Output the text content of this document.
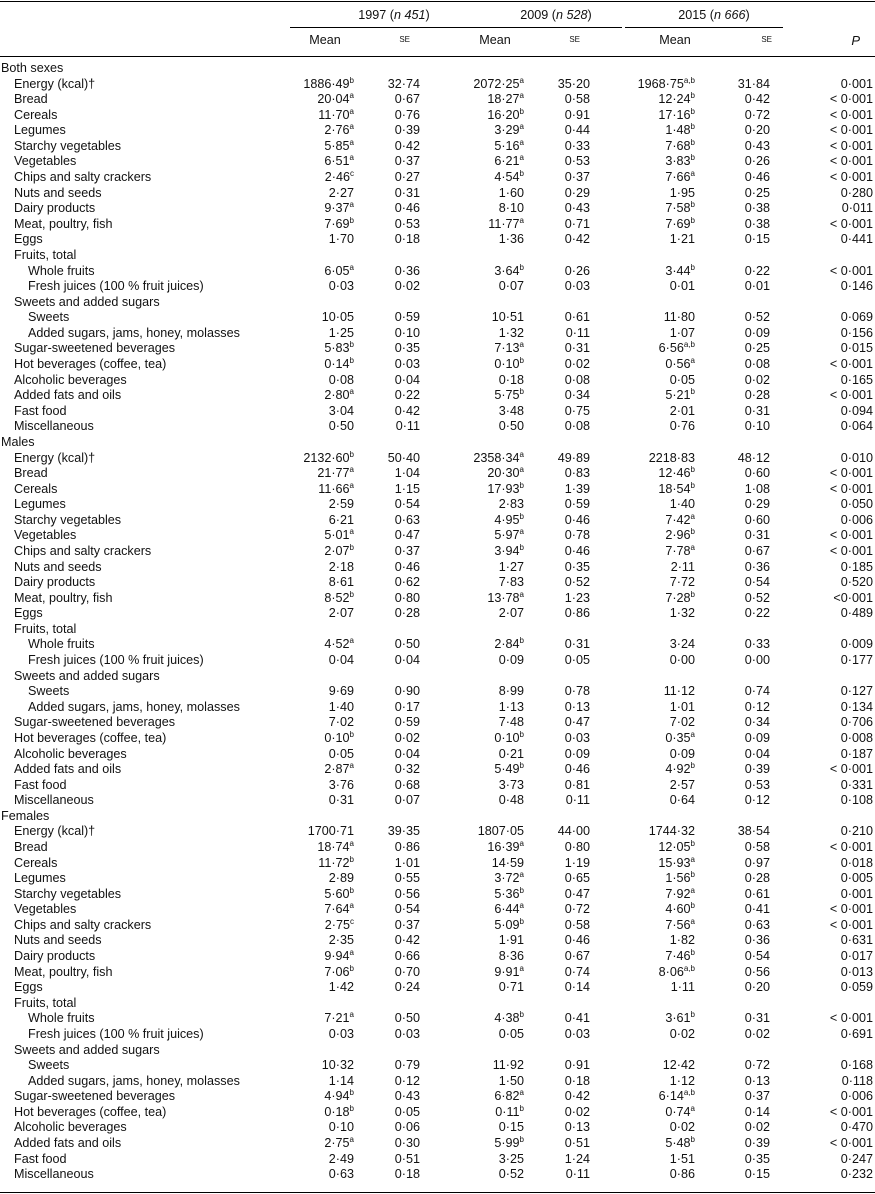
1997 (n 451)	2009 (n 528)	2015 (n 666)
Mean	se	Mean	se	Mean	se	P
Both sexes
Energy (kcal)†	$1886\cdot 49^b$	32·74	$2072\cdot 25^a$	35·20	$1968\cdot 75^{a,b}$	31·84	0·001
Bread	$20\cdot 04^a$	0·67	$18\cdot 27^a$	0·58	$12\cdot 24^b$	0·42	< 0·001
Cereals	$11\cdot 70^a$	0·76	$16\cdot 20^b$	0·91	$17\cdot 16^b$	0·72	< 0·001
Legumes	$2\cdot 76^a$	0·39	$3\cdot 29^a$	0·44	$1\cdot 48^b$	0·20	< 0·001
Starchy vegetables	$5\cdot 85^a$	0·42	$5\cdot 16^a$	0·33	$7\cdot 68^b$	0·43	< 0·001
Vegetables	$6\cdot 51^a$	0·37	$6\cdot 21^a$	0·53	$3\cdot 83^b$	0·26	< 0·001
Chips and salty crackers	$2\cdot 46^c$	0·27	$4\cdot 54^b$	0·37	$7\cdot 66^a$	0·46	< 0·001
Nuts and seeds	2·27	0·31	1·60	0·29	1·95	0·25	0·280
Dairy products	$9\cdot 37^a$	0·46	8·10	0·43	$7\cdot 58^b$	0·38	0·011
Meat, poultry, fish	$7\cdot 69^b$	0·53	$11\cdot 77^a$	0·71	$7\cdot 69^b$	0·38	< 0·001
Eggs	1·70	0·18	1·36	0·42	1·21	0·15	0·441
Fruits, total
Whole fruits	$6\cdot 05^a$	0·36	$3\cdot 64^b$	0·26	$3\cdot 44^b$	0·22	< 0·001
Fresh juices (100 % fruit juices)	0·03	0·02	0·07	0·03	0·01	0·01	0·146
Sweets and added sugars
Sweets	10·05	0·59	10·51	0·61	11·80	0·52	0·069
Added sugars, jams, honey, molasses	1·25	0·10	1·32	0·11	1·07	0·09	0·156
Sugar-sweetened beverages	$5\cdot 83^b$	0·35	$7\cdot 13^a$	0·31	$6\cdot 56^{a,b}$	0·25	0·015
Hot beverages (coffee, tea)	$0\cdot 14^b$	0·03	$0\cdot 10^b$	0·02	$0\cdot 56^a$	0·08	< 0·001
Alcoholic beverages	0·08	0·04	0·18	0·08	0·05	0·02	0·165
Added fats and oils	$2\cdot 80^a$	0·22	$5\cdot 75^b$	0·34	$5\cdot 21^b$	0·28	< 0·001
Fast food	3·04	0·42	3·48	0·75	2·01	0·31	0·094
Miscellaneous	0·50	0·11	0·50	0·08	0·76	0·10	0·064
Males
Energy (kcal)†	$2132\cdot 60^b$	50·40	$2358\cdot 34^a$	49·89	2218·83	48·12	0·010
Bread	$21\cdot 77^a$	1·04	$20\cdot 30^a$	0·83	$12\cdot 46^b$	0·60	< 0·001
Cereals	$11\cdot 66^a$	1·15	$17\cdot 93^b$	1·39	$18\cdot 54^b$	1·08	< 0·001
Legumes	2·59	0·54	2·83	0·59	1·40	0·29	0·050
Starchy vegetables	6·21	0·63	$4\cdot 95^b$	0·46	$7\cdot 42^a$	0·60	0·006
Vegetables	$5\cdot 01^a$	0·47	$5\cdot 97^a$	0·78	$2\cdot 96^b$	0·31	< 0·001
Chips and salty crackers	$2\cdot 07^b$	0·37	$3\cdot 94^b$	0·46	$7\cdot 78^a$	0·67	< 0·001
Nuts and seeds	2·18	0·46	1·27	0·35	2·11	0·36	0·185
Dairy products	8·61	0·62	7·83	0·52	7·72	0·54	0·520
Meat, poultry, fish	$8\cdot 52^b$	0·80	$13\cdot 78^a$	1·23	$7\cdot 28^b$	0·52	<0·001
Eggs	2·07	0·28	2·07	0·86	1·32	0·22	0·489
Fruits, total
Whole fruits	$4\cdot 52^a$	0·50	$2\cdot 84^b$	0·31	3·24	0·33	0·009
Fresh juices (100 % fruit juices)	0·04	0·04	0·09	0·05	0·00	0·00	0·177
Sweets and added sugars
Sweets	9·69	0·90	8·99	0·78	11·12	0·74	0·127
Added sugars, jams, honey, molasses	1·40	0·17	1·13	0·13	1·01	0·12	0·134
Sugar-sweetened beverages	7·02	0·59	7·48	0·47	7·02	0·34	0·706
Hot beverages (coffee, tea)	$0\cdot 10^b$	0·02	$0\cdot 10^b$	0·03	$0\cdot 35^a$	0·09	0·008
Alcoholic beverages	0·05	0·04	0·21	0·09	0·09	0·04	0·187
Added fats and oils	$2\cdot 87^a$	0·32	$5\cdot 49^b$	0·46	$4\cdot 92^b$	0·39	< 0·001
Fast food	3·76	0·68	3·73	0·81	2·57	0·53	0·331
Miscellaneous	0·31	0·07	0·48	0·11	0·64	0·12	0·108
Females
Energy (kcal)†	1700·71	39·35	1807·05	44·00	1744·32	38·54	0·210
Bread	$18\cdot 74^a$	0·86	$16\cdot 39^a$	0·80	$12\cdot 05^b$	0·58	< 0·001
Cereals	$11\cdot 72^b$	1·01	14·59	1·19	$15\cdot 93^a$	0·97	0·018
Legumes	2·89	0·55	$3\cdot 72^a$	0·65	$1\cdot 56^b$	0·28	0·005
Starchy vegetables	$5\cdot 60^b$	0·56	$5\cdot 36^b$	0·47	$7\cdot 92^a$	0·61	0·001
Vegetables	$7\cdot 64^a$	0·54	$6\cdot 44^a$	0·72	$4\cdot 60^b$	0·41	< 0·001
Chips and salty crackers	$2\cdot 75^c$	0·37	$5\cdot 09^b$	0·58	$7\cdot 56^a$	0·63	< 0·001
Nuts and seeds	2·35	0·42	1·91	0·46	1·82	0·36	0·631
Dairy products	$9\cdot 94^a$	0·66	8·36	0·67	$7\cdot 46^b$	0·54	0·017
Meat, poultry, fish	$7\cdot 06^b$	0·70	$9\cdot 91^a$	0·74	$8\cdot 06^{a,b}$	0·56	0·013
Eggs	1·42	0·24	0·71	0·14	1·11	0·20	0·059
Fruits, total
Whole fruits	$7\cdot 21^a$	0·50	$4\cdot 38^b$	0·41	$3\cdot 61^b$	0·31	< 0·001
Fresh juices (100 % fruit juices)	0·03	0·03	0·05	0·03	0·02	0·02	0·691
Sweets and added sugars
Sweets	10·32	0·79	11·92	0·91	12·42	0·72	0·168
Added sugars, jams, honey, molasses	1·14	0·12	1·50	0·18	1·12	0·13	0·118
Sugar-sweetened beverages	$4\cdot 94^b$	0·43	$6\cdot 82^a$	0·42	$6\cdot 14^{a,b}$	0·37	0·006
Hot beverages (coffee, tea)	$0\cdot 18^b$	0·05	$0\cdot 11^b$	0·02	$0\cdot 74^a$	0·14	< 0·001
Alcoholic beverages	0·10	0·06	0·15	0·13	0·02	0·02	0·470
Added fats and oils	$2\cdot 75^a$	0·30	$5\cdot 99^b$	0·51	$5\cdot 48^b$	0·39	< 0·001
Fast food	2·49	0·51	3·25	1·24	1·51	0·35	0·247
Miscellaneous	0·63	0·18	0·52	0·11	0·86	0·15	0·232
